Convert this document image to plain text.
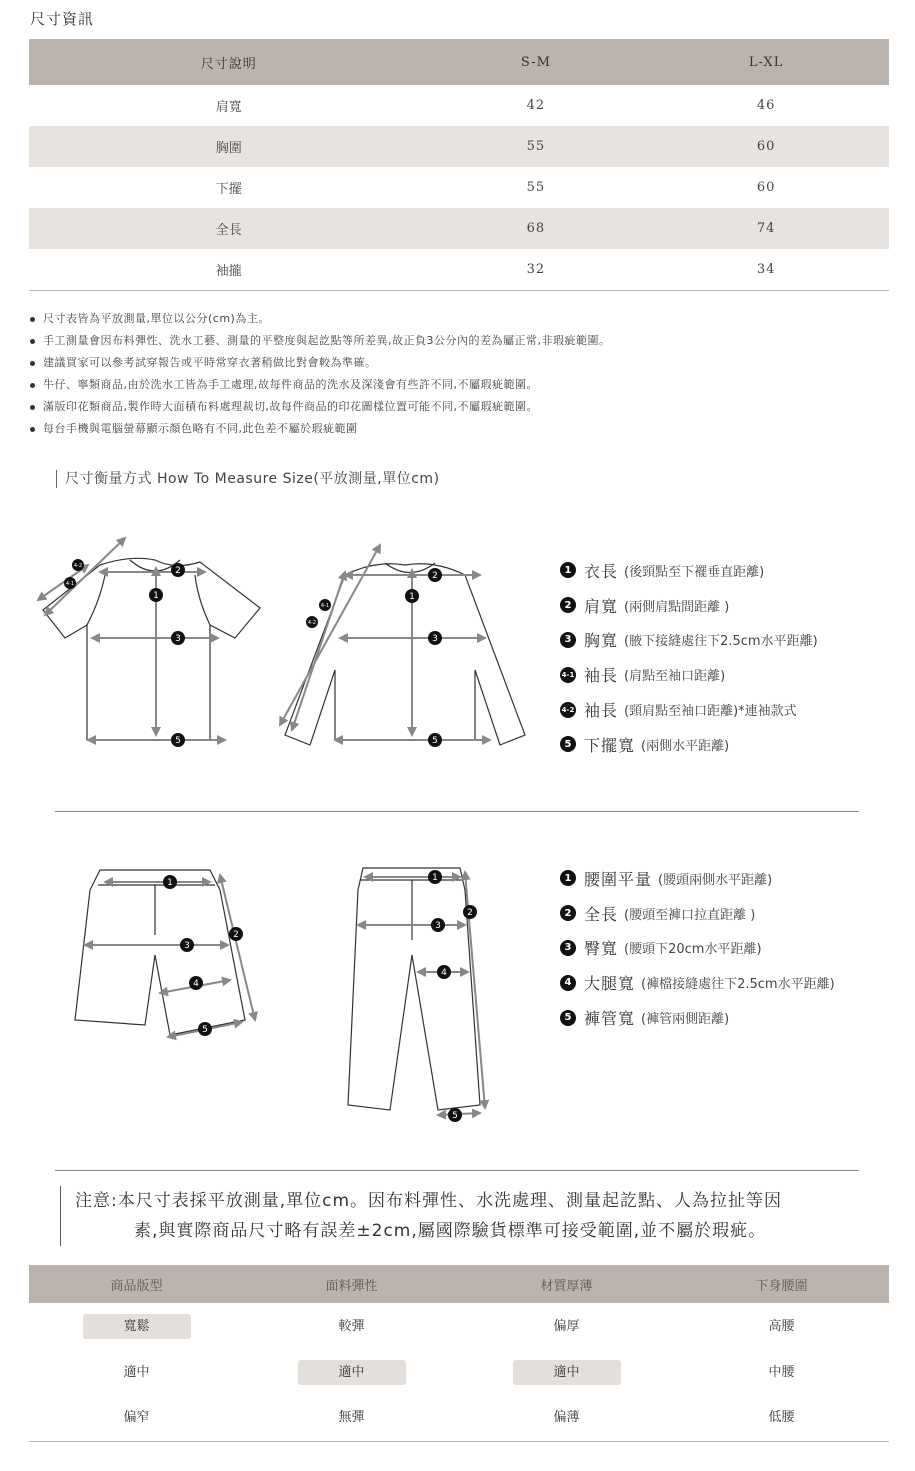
尺寸資訊
尺寸說明	S-M	L-XL
肩寬	42	46
胸圍	55	60
下擺	55	60
全長	68	74
袖攏	32	34
尺寸表皆為平放測量,單位以公分(cm)為主。
手工測量會因布料彈性、洗水工藝、測量的平整度與起訖點等所差異,故正負3公分內的差為屬正常,非瑕疵範圍。
建議買家可以參考試穿報告或平時常穿衣著稍做比對會較為準確。
牛仔、寧類商品,由於洗水工皆為手工處理,故每件商品的洗水及深淺會有些許不同,不屬瑕疵範圍。
滿版印花類商品,製作時大面積布料處理裁切,故每件商品的印花圖樣位置可能不同,不屬瑕疵範圍。
每台手機與電腦螢幕顯示顏色略有不同,此色差不屬於瑕疵範圍
尺寸衡量方式 How To Measure Size(平放測量,單位cm)
2
1
3
5
4-1
4-2
2
1
3
5
4-1
4-2
1 衣長 (後頸點至下襬垂直距離)
2 肩寬 (兩側肩點間距離 )
3 胸寬 (腋下接縫處往下2.5cm水平距離)
4-1 袖長 (肩點至袖口距離)
4-2 袖長 (頸肩點至袖口距離)*連袖款式
5 下擺寬 (兩側水平距離)
1
3
4
5
2
1
3
4
5
2
1 腰圍平量 (腰頭兩側水平距離)
2 全長 (腰頭至褲口拉直距離 )
3 臀寬 (腰頭下20cm水平距離)
4 大腿寬 (褲檔接縫處往下2.5cm水平距離)
5 褲管寬 (褲管兩側距離)
注意:本尺寸表採平放測量,單位cm。因布料彈性、水洗處理、測量起訖點、人為拉扯等因
素,與實際商品尺寸略有誤差±2cm,屬國際驗貨標準可接受範圍,並不屬於瑕疵。
商品版型	面料彈性	材質厚薄	下身腰圍
寬鬆	較彈	偏厚	高腰
適中	適中	適中	中腰
偏窄	無彈	偏薄	低腰
